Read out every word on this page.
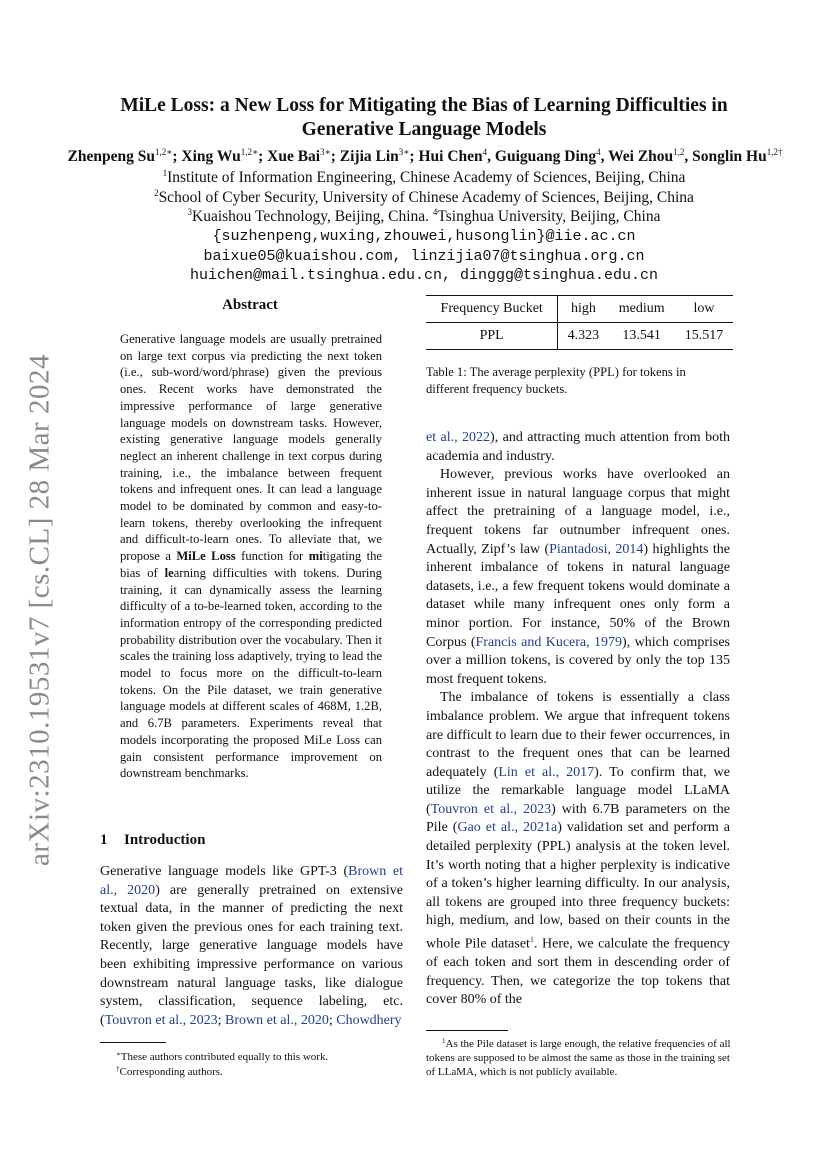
arXiv:2310.19531v7 [cs.CL] 28 Mar 2024
MiLe Loss: a New Loss for Mitigating the Bias of Learning Difficulties in
Generative Language Models
Zhenpeng $Su^{1,2∗}$; Xing $Wu^{1,2∗}$; Xue Bai$^{3∗}$; Zijia Lin$^{3∗}$; Hui Chen$^4$, Guiguang Ding$^4$, Wei Zhou$^{1,2}$, Songlin $Hu^{1,2\dagger}$
$^1$Institute of Information Engineering, Chinese Academy of Sciences, Beijing, China
$^2$School of Cyber Security, University of Chinese Academy of Sciences, Beijing, China
$^3$Kuaishou Technology, Beijing, China. $^4$Tsinghua University, Beijing, China
{suzhenpeng,wuxing,zhouwei,husonglin}@iie.ac.cn
baixue05@kuaishou.com, linzijia07@tsinghua.org.cn
huichen@mail.tsinghua.edu.cn, dinggg@tsinghua.edu.cn
Abstract
Generative language models are usually pretrained on large text corpus via predicting the next token (i.e., sub-word/word/phrase) given the previous ones. Recent works have demonstrated the impressive performance of large generative language models on downstream tasks. However, existing generative language models generally neglect an inherent challenge in text corpus during training, i.e., the imbalance between frequent tokens and infrequent ones. It can lead a language model to be dominated by common and easy-to-learn tokens, thereby overlooking the infrequent and difficult-to-learn ones. To alleviate that, we propose a MiLe Loss function for mitigating the bias of learning difficulties with tokens. During training, it can dynamically assess the learning difficulty of a to-be-learned token, according to the information entropy of the corresponding predicted probability distribution over the vocabulary. Then it scales the training loss adaptively, trying to lead the model to focus more on the difficult-to-learn tokens. On the Pile dataset, we train generative language models at different scales of 468M, 1.2B, and 6.7B parameters. Experiments reveal that models incorporating the proposed MiLe Loss can gain consistent performance improvement on downstream benchmarks.
1 Introduction

Generative language models like GPT-3 (Brown et al., 2020) are generally pretrained on extensive textual data, in the manner of predicting the next token given the previous ones for each training text. Recently, large generative language models have been exhibiting impressive performance on various downstream natural language tasks, like dialogue system, classification, sequence labeling, etc. (Touvron et al., 2023; Brown et al., 2020; Chowdhery

∗These authors contributed equally to this work.
†Corresponding authors.
Frequency Bucket	high	medium	low
PPL	4.323	13.541	15.517
Table 1: The average perplexity (PPL) for tokens in different frequency buckets.

et al., 2022), and attracting much attention from both academia and industry.

However, previous works have overlooked an inherent issue in natural language corpus that might affect the pretraining of a language model, i.e., frequent tokens far outnumber infrequent ones. Actually, Zipf’s law (Piantadosi, 2014) highlights the inherent imbalance of tokens in natural language datasets, i.e., a few frequent tokens would dominate a dataset while many infrequent ones only form a minor portion. For instance, 50% of the Brown Corpus (Francis and Kucera, 1979), which comprises over a million tokens, is covered by only the top 135 most frequent tokens.

The imbalance of tokens is essentially a class imbalance problem. We argue that infrequent tokens are difficult to learn due to their fewer occurrences, in contrast to the frequent ones that can be learned adequately (Lin et al., 2017). To confirm that, we utilize the remarkable language model LLaMA (Touvron et al., 2023) with 6.7B parameters on the Pile (Gao et al., 2021a) validation set and perform a detailed perplexity (PPL) analysis at the token level. It’s worth noting that a higher perplexity is indicative of a token’s higher learning difficulty. In our analysis, all tokens are grouped into three frequency buckets: high, medium, and low, based on their counts in the whole Pile dataset$^1$. Here, we calculate the frequency of each token and sort them in descending order of frequency. Then, we categorize the top tokens that cover 80% of the

$^1$As the Pile dataset is large enough, the relative frequencies of all tokens are supposed to be almost the same as those in the training set of LLaMA, which is not publicly available.
